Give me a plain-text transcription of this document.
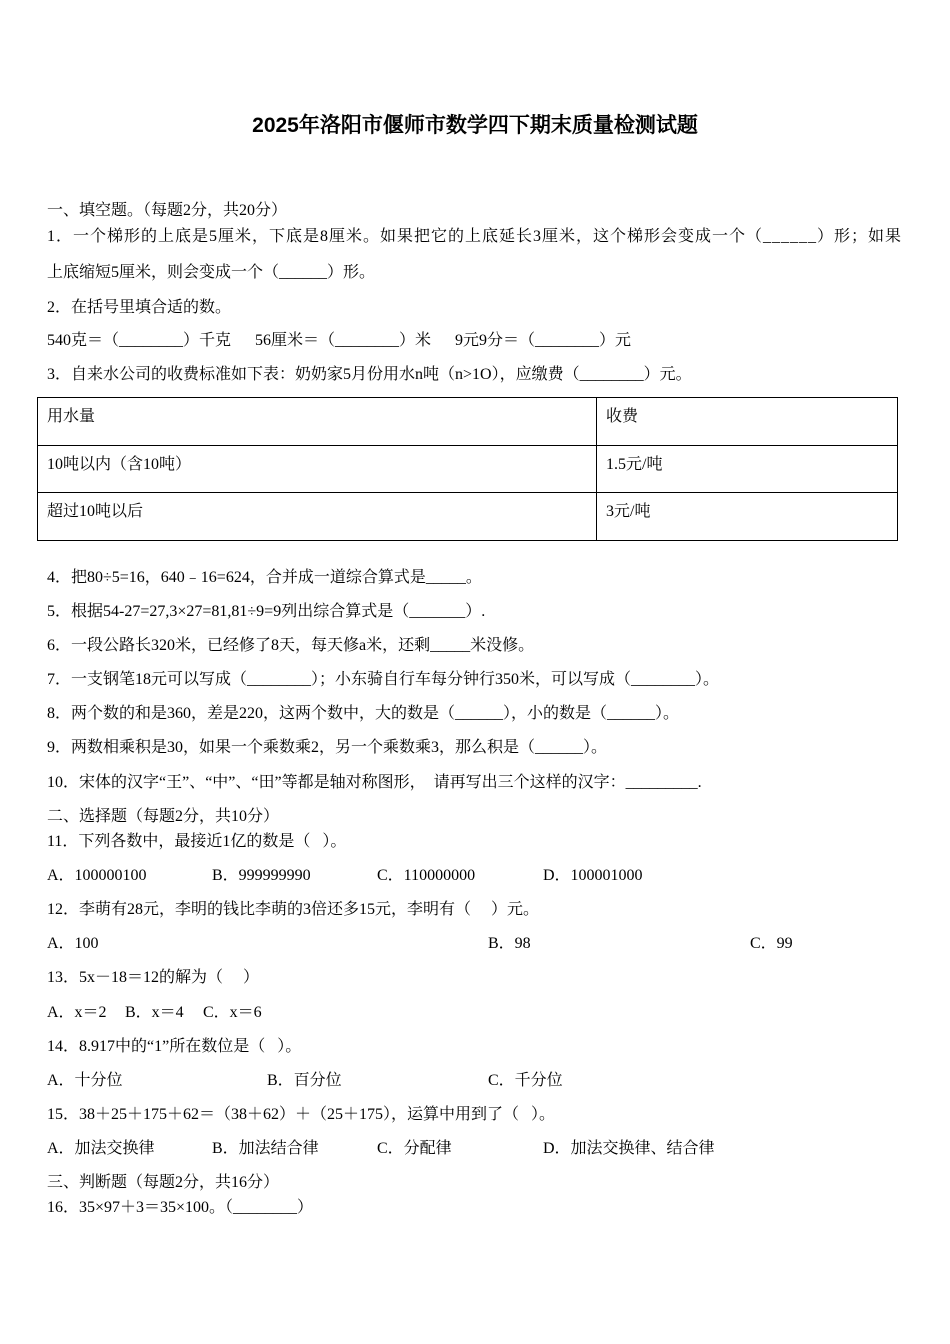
2025年洛阳市偃师市数学四下期末质量检测试题
一、填空题。（每题2分，共20分）
1．一个梯形的上底是5厘米，下底是8厘米。如果把它的上底延长3厘米，这个梯形会变成一个（______）形；如果
上底缩短5厘米，则会变成一个（______）形。
2．在括号里填合适的数。

540克＝（________）千克

56厘米＝（________）米

9元9分＝（________）元

3．自来水公司的收费标准如下表：奶奶家5月份用水n吨（n>1O），应缴费（________）元。
用水量	收费
10吨以内（含10吨）	1.5元/吨
超过10吨以后	3元/吨
4．把80÷5=16，640﹣16=624，合并成一道综合算式是_____。
5．根据54-27=27,3×27=81,81÷9=9列出综合算式是（_______）.
6．一段公路长320米，已经修了8天，每天修a米，还剩_____米没修。
7．一支钢笔18元可以写成（________）；小东骑自行车每分钟行350米，可以写成（________）。
8．两个数的和是360，差是220，这两个数中，大的数是（______），小的数是（______）。
9．两数相乘积是30，如果一个乘数乘2，另一个乘数乘3，那么积是（______）。
10．宋体的汉字“王”、“中”、“田”等都是轴对称图形，  请再写出三个这样的汉字：_________.
二、选择题（每题2分，共10分）
11．下列各数中，最接近1亿的数是（   ）。

A．100000100

	B．999999990

	C．110000000

	D．100001000

12．李萌有28元，李明的钱比李萌的3倍还多15元，李明有（     ）元。

A．100

	B．98

	C．99

13．5x－18＝12的解为（     ）

A．x＝2

B．x＝4

C．x＝6

14．8.917中的“1”所在数位是（   ）。

A．十分位

	B．百分位

	C．千分位

15．38＋25＋175＋62＝（38＋62）＋（25＋175），运算中用到了（   ）。

A．加法交换律

	B．加法结合律

	C．分配律

	D．加法交换律、结合律

三、判断题（每题2分，共16分）
16．35×97＋3＝35×100。（________）
